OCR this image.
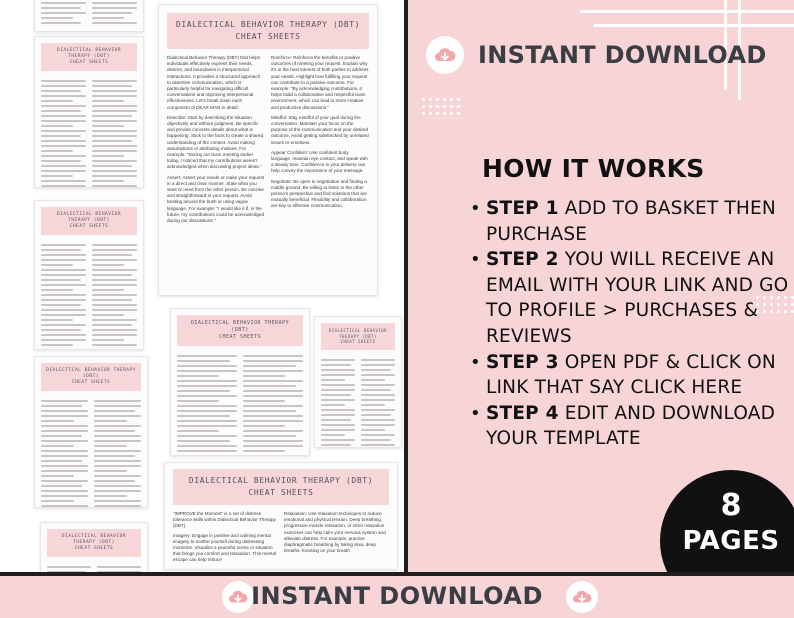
DIALECTICAL BEHAVIOR THERAPY (DBT)
CHEAT SHEETS
DIALECTICAL BEHAVIOR THERAPY (DBT)
CHEAT SHEETS
DIALECTICAL BEHAVIOR THERAPY (DBT)
CHEAT SHEETS
DIALECTICAL BEHAVIOR THERAPY (DBT)
CHEAT SHEETS
DIALECTICAL BEHAVIOR THERAPY (DBT)
CHEAT SHEETS

Dialectical Behavior Therapy (DBT) that helps individuals effectively express their needs, desires, and boundaries in interpersonal interactions. It provides a structured approach to assertive communication, which is particularly helpful for navigating difficult conversations and improving interpersonal effectiveness. Let's break down each component of DEAR MAN in detail:

Describe: Start by describing the situation objectively and without judgment. Be specific and provide concrete details about what is happening. Stick to the facts to create a shared understanding of the context. Avoid making assumptions or attributing motives. For example: "During our team meeting earlier today, I noticed that my contributions weren't acknowledged when discussing project ideas."

Assert: Assert your needs or make your request in a direct and clear manner. State what you want or need from the other person. Be concise and straightforward in your request. Avoid beating around the bush or using vague language. For example: "I would like it if, in the future, my contributions could be acknowledged during our discussions."

Reinforce: Reinforce the benefits or positive outcomes of meeting your request. Explain why it's in the best interest of both parties to address your needs. Highlight how fulfilling your request can contribute to a positive outcome. For example: "By acknowledging contributions, it helps build a collaborative and respectful team environment, which can lead to more creative and productive discussions."

Mindful: Stay mindful of your goal during the conversation. Maintain your focus on the purpose of the communication and your desired outcome. Avoid getting sidetracked by unrelated issues or emotions.

Appear Confident: Use confident body language, maintain eye contact, and speak with a steady tone. Confidence in your delivery can help convey the importance of your message.

Negotiate: Be open to negotiation and finding a middle ground. Be willing to listen to the other person's perspective and find solutions that are mutually beneficial. Flexibility and collaboration are key to effective communication.

DIALECTICAL BEHAVIOR THERAPY (DBT)
CHEAT SHEETS
DIALECTICAL BEHAVIOR THERAPY (DBT)
CHEAT SHEETS
DIALECTICAL BEHAVIOR THERAPY (DBT)
CHEAT SHEETS

"IMPROVE the Moment" is a set of distress tolerance skills within Dialectical Behavior Therapy (DBT).

Imagery: Engage in positive and calming mental imagery to soothe yourself during distressing moments. Visualize a peaceful scene or situation that brings you comfort and relaxation. This mental escape can help reduce

Relaxation: Use relaxation techniques to reduce emotional and physical tension. Deep breathing, progressive muscle relaxation, or other relaxation exercises can help calm your nervous system and alleviate distress. For example, practice diaphragmatic breathing by taking slow, deep breaths, focusing on your breath

INSTANT DOWNLOAD
HOW IT WORKS
• STEP 1 ADD TO BASKET THEN PURCHASE
• STEP 2 YOU WILL RECEIVE AN EMAIL WITH YOUR LINK AND GO TO PROFILE > PURCHASES & REVIEWS
• STEP 3 OPEN PDF & CLICK ON LINK THAT SAY CLICK HERE
• STEP 4 EDIT AND DOWNLOAD YOUR TEMPLATE
8
PAGES
INSTANT DOWNLOAD
